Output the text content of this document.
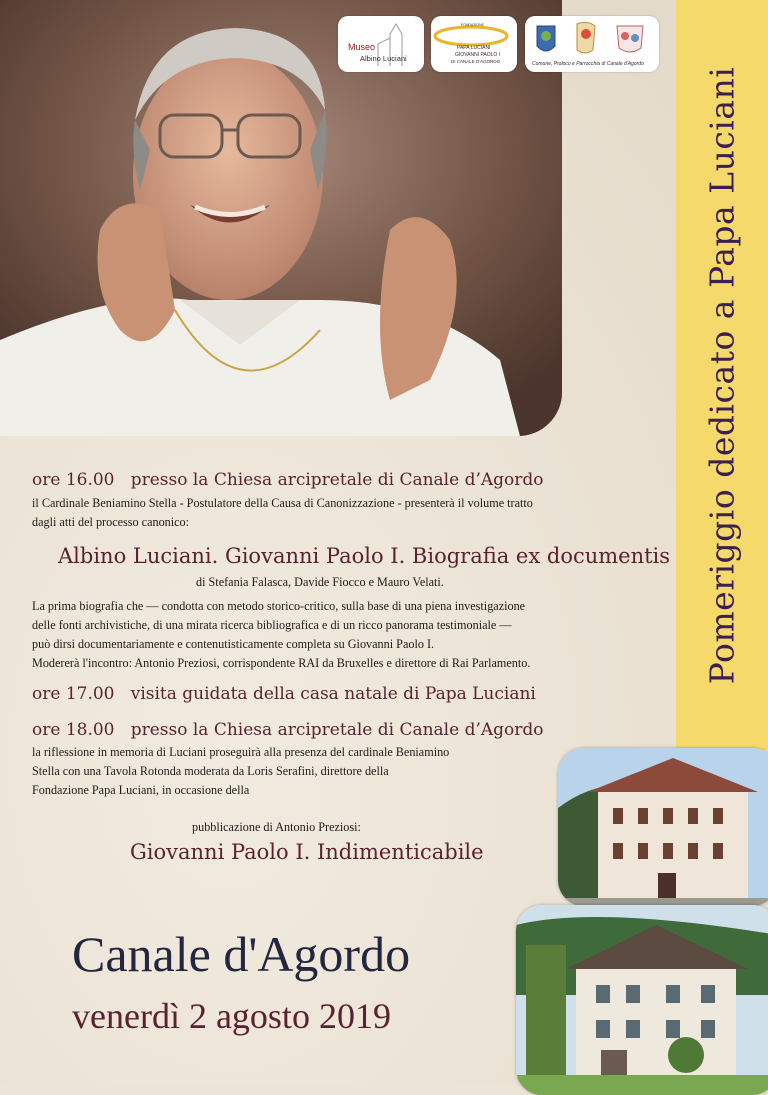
Pomeriggio dedicato a Papa Luciani
Museo
Albino Luciani
FONDAZIONE
PAPA LUCIANI
GIOVANNI PAOLO I
DI CANALE D'AGORDO	Comune, Proloco e Parrocchia di Canale d'Agordo
ore 16.00 presso la Chiesa arcipretale di Canale d’Agordo
il Cardinale Beniamino Stella - Postulatore della Causa di Canonizzazione - presenterà il volume tratto
dagli atti del processo canonico:
Albino Luciani. Giovanni Paolo I. Biografia ex documentis
di Stefania Falasca, Davide Fiocco e Mauro Velati.
La prima biografia che — condotta con metodo storico-critico, sulla base di una piena investigazione
delle fonti archivistiche, di una mirata ricerca bibliografica e di un ricco panorama testimoniale —
può dirsi documentariamente e contenutisticamente completa su Giovanni Paolo I.
Modererà l'incontro: Antonio Preziosi, corrispondente RAI da Bruxelles e direttore di Rai Parlamento.
ore 17.00 visita guidata della casa natale di Papa Luciani
ore 18.00 presso la Chiesa arcipretale di Canale d’Agordo
la riflessione in memoria di Luciani proseguirà alla presenza del cardinale Beniamino
Stella con una Tavola Rotonda moderata da Loris Serafini, direttore della
Fondazione Papa Luciani, in occasione della
pubblicazione di Antonio Preziosi:
Giovanni Paolo I. Indimenticabile
Canale d'Agordo
venerdì 2 agosto 2019
